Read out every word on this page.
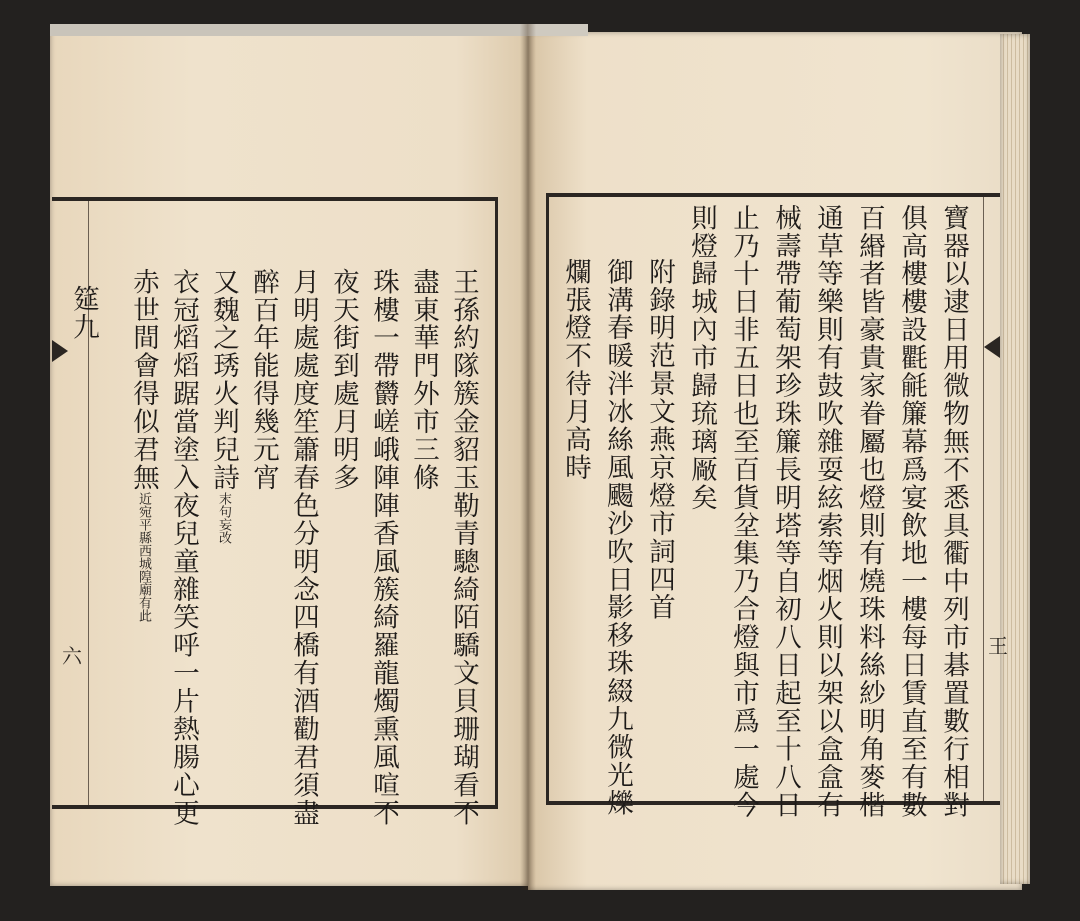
筵九
六	王孫約隊簇金貂玉勒青驄綺陌驕文貝珊瑚看不
盡東華門外市三條
珠樓一帶欝嵯峨陣陣香風簇綺羅龍燭熏風喧不
夜天街到處月明多
月明處處度笙簫春色分明念四橋有酒勸君須盡
醉百年能得幾元宵
又魏之琇火判兒詩末句妄改
衣冠熖熖踞當塗入夜兒童雜笑呼一片熱腸心更
赤世間會得似君無近宛平縣西城隍廟有此
王
寶器以逮日用微物無不悉具衢中列市碁置數行相對
俱高樓樓設氍毹簾幕爲宴飲地一樓每日賃直至有數
百緡者皆豪貴家眷屬也燈則有燒珠料絲紗明角麥楷
通草等樂則有鼓吹雜耍絃索等烟火則以架以盒盒有
械壽帶葡萄架珍珠簾長明塔等自初八日起至十八日
止乃十日非五日也至百貨坌集乃合燈與市爲一處今
則燈歸城內市歸琉璃厰矣
附錄明范景文燕京燈市詞四首
御溝春暖泮冰絲風颺沙吹日影移珠綴九微光爍
爛張燈不待月高時
